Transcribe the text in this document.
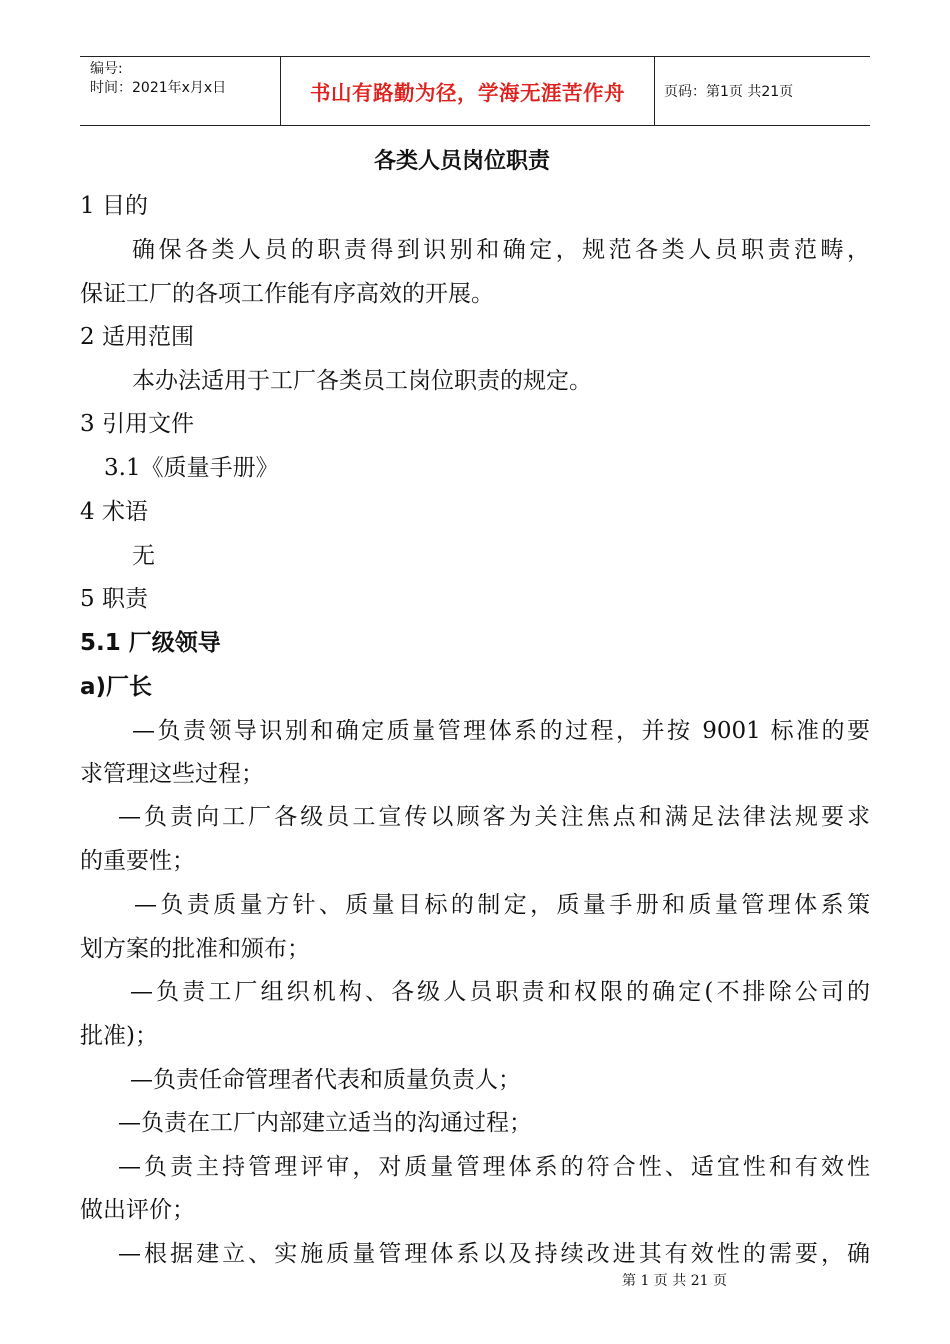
编号:
时间：2021年x月x日	书山有路勤为径，学海无涯苦作舟	页码：第1页 共21页
各类人员岗位职责
1 目的
确保各类人员的职责得到识别和确定，规范各类人员职责范畴，
保证工厂的各项工作能有序高效的开展。
2 适用范围
本办法适用于工厂各类员工岗位职责的规定。
3 引用文件
3.1《质量手册》
4 术语
无
5 职责
5.1 厂级领导
a)厂长
—负责领导识别和确定质量管理体系的过程，并按 9001 标准的要
求管理这些过程；
—负责向工厂各级员工宣传以顾客为关注焦点和满足法律法规要求
的重要性；
—负责质量方针、质量目标的制定，质量手册和质量管理体系策
划方案的批准和颁布；
—负责工厂组织机构、各级人员职责和权限的确定(不排除公司的
批准)；
—负责任命管理者代表和质量负责人；
—负责在工厂内部建立适当的沟通过程；
—负责主持管理评审，对质量管理体系的符合性、适宜性和有效性
做出评价；
—根据建立、实施质量管理体系以及持续改进其有效性的需要，确
第 1 页 共 21 页
